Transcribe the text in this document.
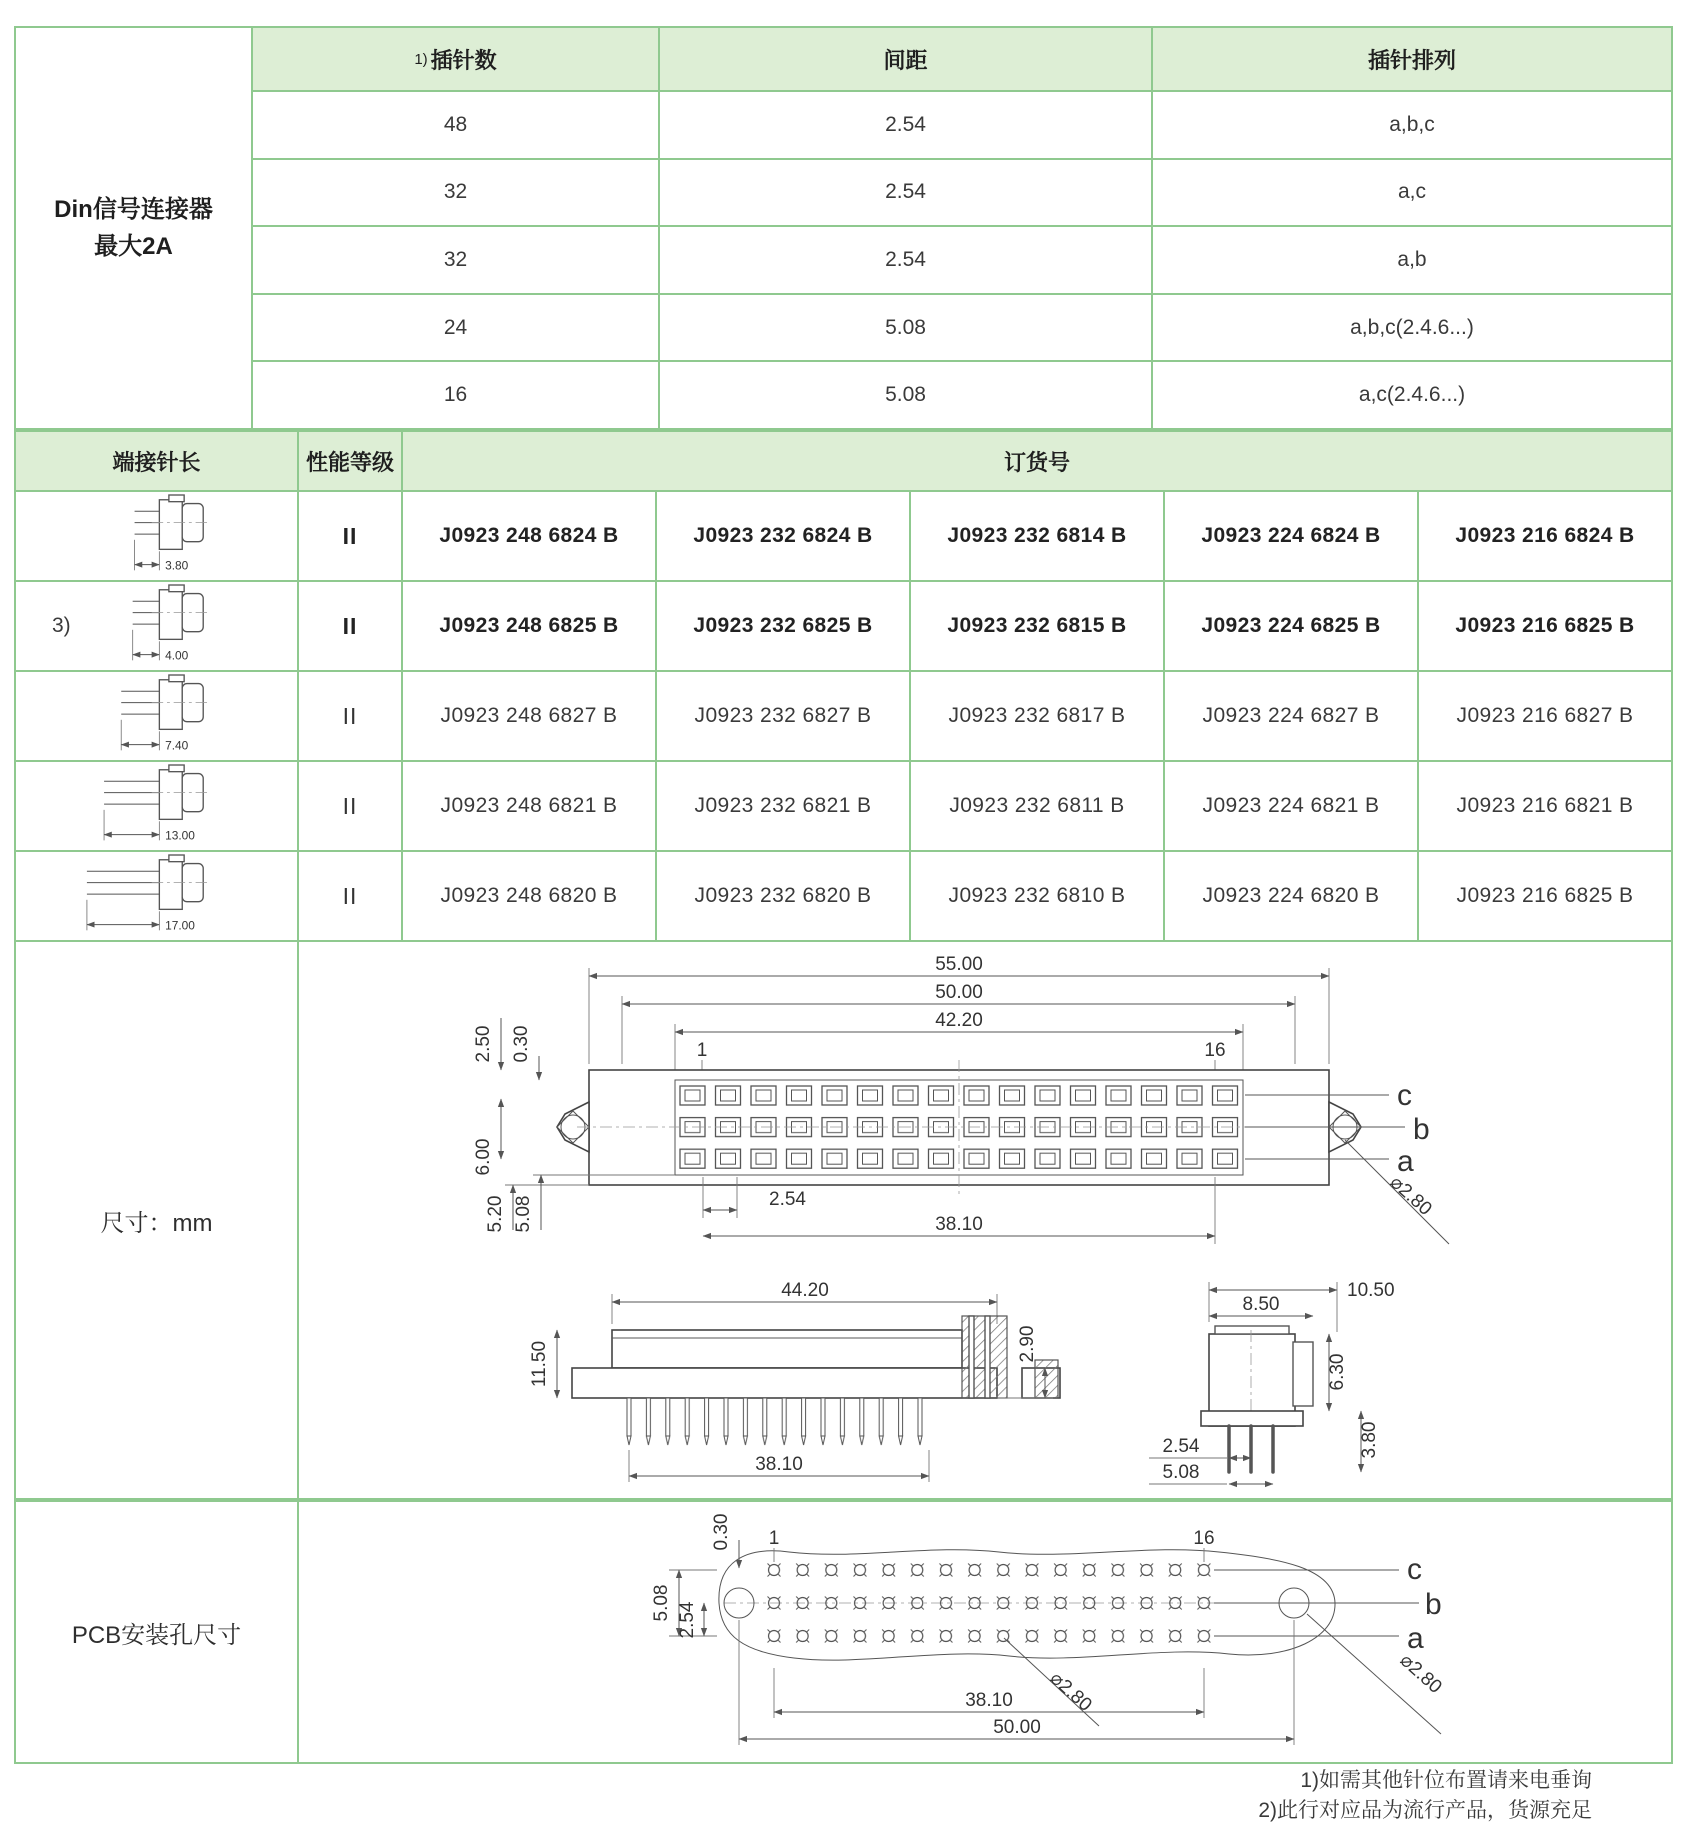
Din信号连接器
最大2A
1) 插针数	间距	插针排列
48	2.54	a,b,c
32	2.54	a,c
32	2.54	a,b
24	5.08	a,b,c(2.4.6...)
16	5.08	a,c(2.4.6...)
端接针长	性能等级	订货号
3.80
II	J0923 248 6824 B	J0923 232 6824 B	J0923 232 6814 B	J0923 224 6824 B	J0923 216 6824 B
3)
4.00
II	J0923 248 6825 B	J0923 232 6825 B	J0923 232 6815 B	J0923 224 6825 B	J0923 216 6825 B
7.40
II	J0923 248 6827 B	J0923 232 6827 B	J0923 232 6817 B	J0923 224 6827 B	J0923 216 6827 B
13.00
II	J0923 248 6821 B	J0923 232 6821 B	J0923 232 6811 B	J0923 224 6821 B	J0923 216 6821 B
17.00
II	J0923 248 6820 B	J0923 232 6820 B	J0923 232 6810 B	J0923 224 6820 B	J0923 216 6825 B
尺寸：mm
55.00
50.00
42.20
1	16
c
b
a
2.50 0.30
6.00
5.20 5.08	2.54
38.10
⌀2.80
44.20
11.50	2.90
38.10
10.50
8.50
6.30
3.80
2.54
5.08
PCB安装孔尺寸
1	16
0.30
c
b
a
5.08 2.54
⌀2.80	⌀2.80
38.10
50.00
1)如需其他针位布置请来电垂询
2)此行对应品为流行产品，货源充足
